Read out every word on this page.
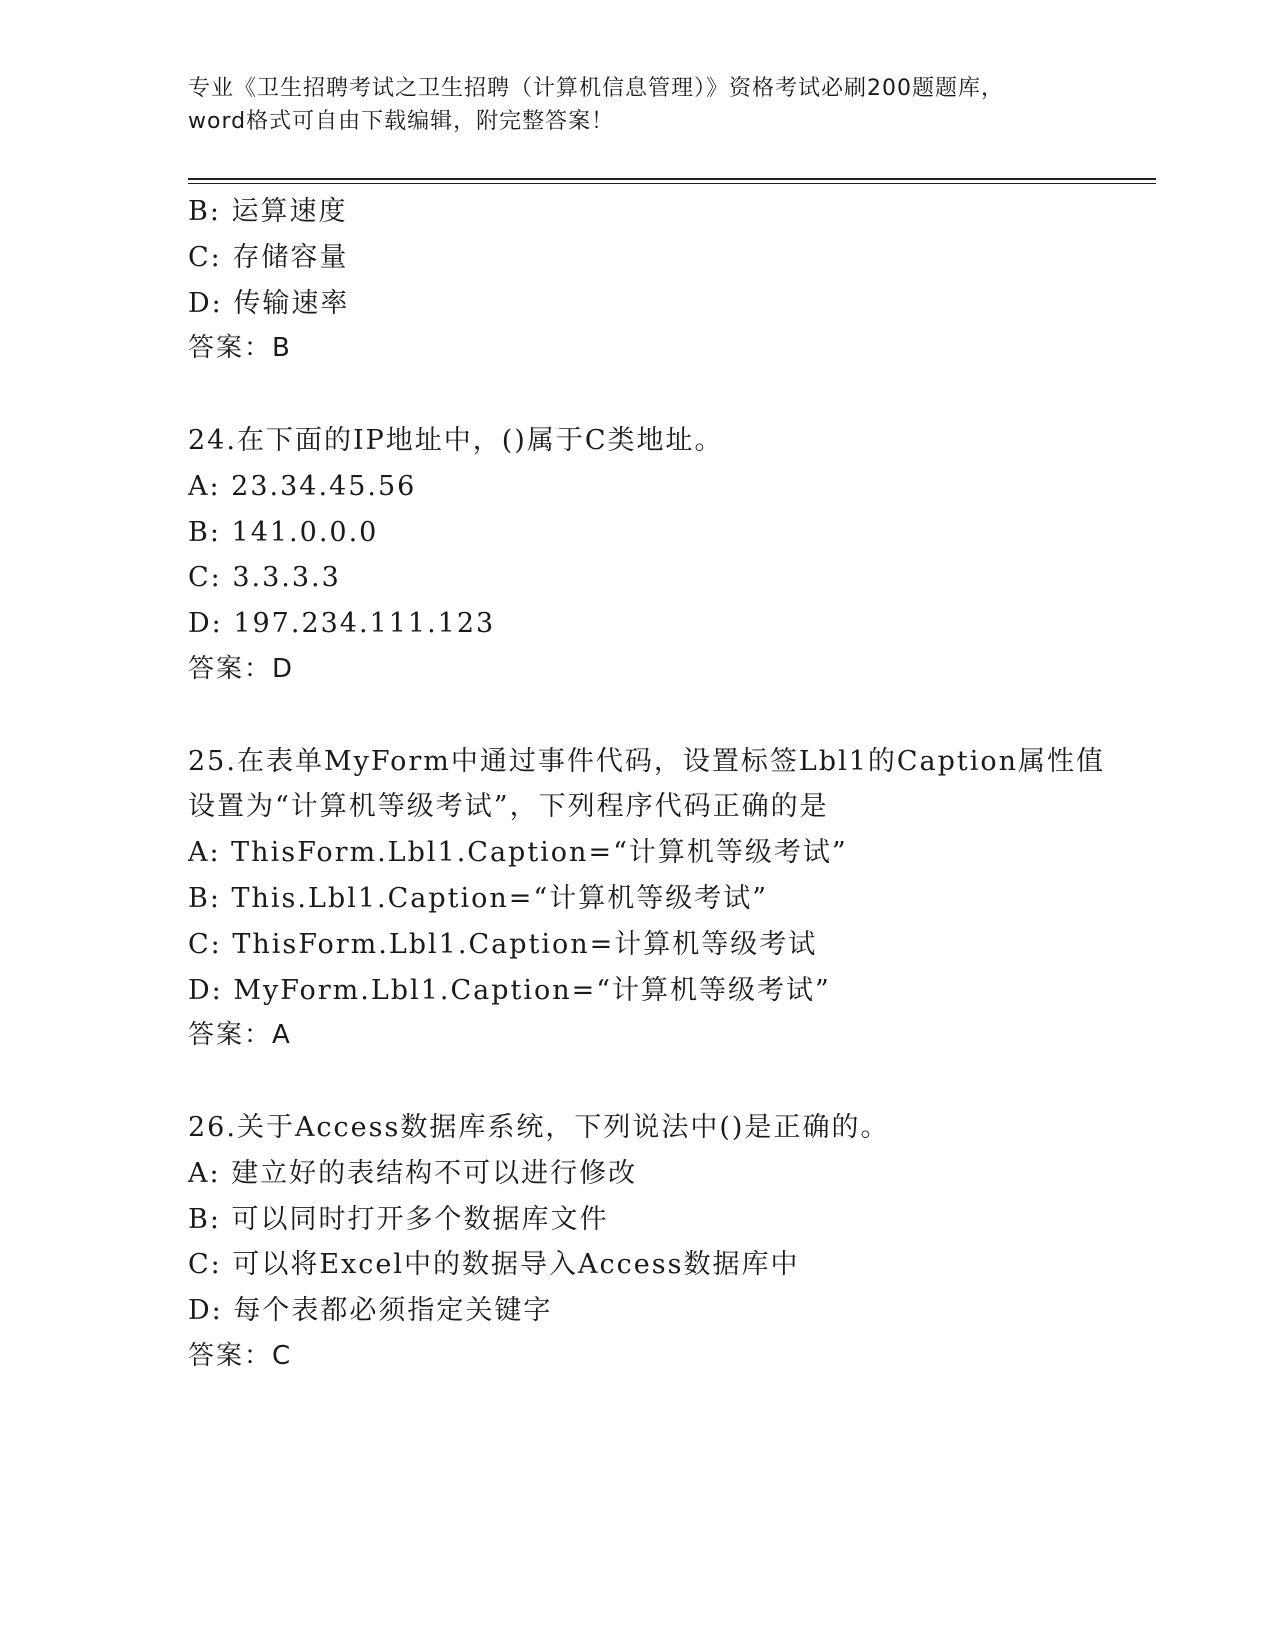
专业《卫生招聘考试之卫生招聘（计算机信息管理）》资格考试必刷200题题库，
word格式可自由下载编辑，附完整答案！
B: 运算速度
C: 存储容量
D: 传输速率
答案：B
24.在下面的IP地址中，()属于C类地址。
A: 23.34.45.56
B: 141.0.0.0
C: 3.3.3.3
D: 197.234.111.123
答案：D
25.在表单MyForm中通过事件代码，设置标签Lbl1的Caption属性值
设置为“计算机等级考试”，下列程序代码正确的是
A: ThisForm.Lbl1.Caption=“计算机等级考试”
B: This.Lbl1.Caption=“计算机等级考试”
C: ThisForm.Lbl1.Caption=计算机等级考试
D: MyForm.Lbl1.Caption=“计算机等级考试”
答案：A
26.关于Access数据库系统，下列说法中()是正确的。
A: 建立好的表结构不可以进行修改
B: 可以同时打开多个数据库文件
C: 可以将Excel中的数据导入Access数据库中
D: 每个表都必须指定关键字
答案：C
